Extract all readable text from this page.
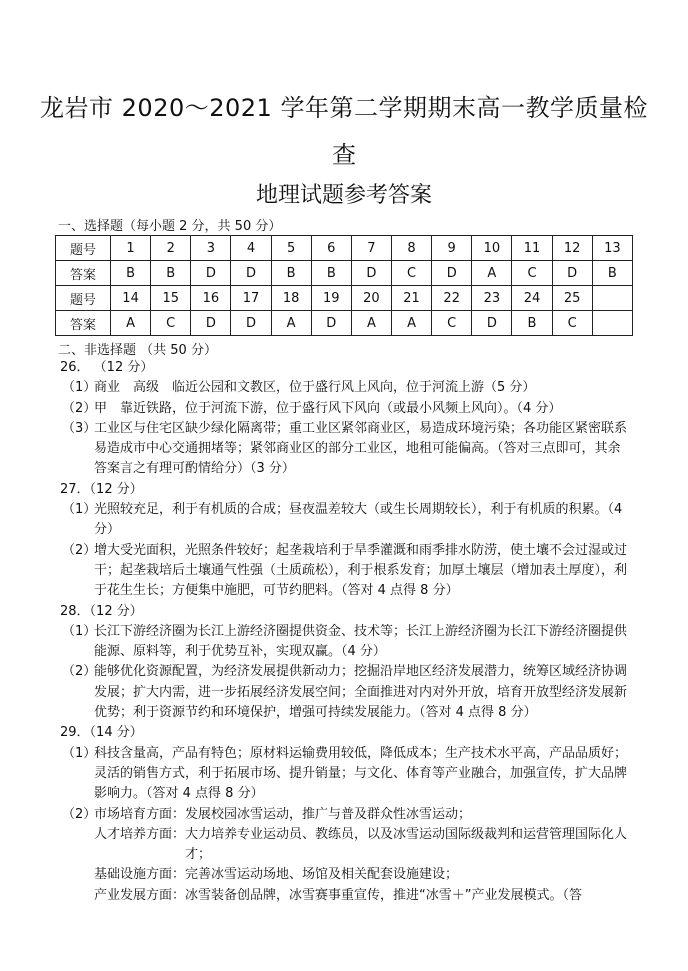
龙岩市 2020～2021 学年第二学期期末高一教学质量检
查
地理试题参考答案
一、选择题（每小题 2 分，共 50 分）
题号	1	2	3	4	5	6	7	8	9	10	11	12	13
答案	B	B	D	D	B	B	D	C	D	A	C	D	B
题号	14	15	16	17	18	19	20	21	22	23	24	25	
答案	A	C	D	D	A	D	A	A	C	D	B	C	
二、非选择题 （共 50 分）
26． （12 分）
（1）
商业　高级　临近公园和文教区，位于盛行风上风向，位于河流上游（5 分）
（2）
甲　靠近铁路，位于河流下游，位于盛行风下风向（或最小风频上风向）。（4 分）
（3）
工业区与住宅区缺少绿化隔离带；重工业区紧邻商业区，易造成环境污染；各功能区紧密联系易造成市中心交通拥堵等；紧邻商业区的部分工业区，地租可能偏高。（答对三点即可，其余答案言之有理可酌情给分）（3 分）
27．（12 分）
（1）
光照较充足，利于有机质的合成；昼夜温差较大（或生长周期较长），利于有机质的积累。（4 分）
（2）
增大受光面积，光照条件较好；起垄栽培利于旱季灌溉和雨季排水防涝，使土壤不会过湿或过干；起垄栽培后土壤通气性强（土质疏松），利于根系发育；加厚土壤层（增加表土厚度），利于花生生长；方便集中施肥，可节约肥料。（答对 4 点得 8 分）
28．（12 分）
（1）
长江下游经济圈为长江上游经济圈提供资金、技术等；长江上游经济圈为长江下游经济圈提供能源、原料等，利于优势互补，实现双赢。（4 分）
（2）
能够优化资源配置，为经济发展提供新动力；挖掘沿岸地区经济发展潜力，统筹区域经济协调发展；扩大内需，进一步拓展经济发展空间；全面推进对内对外开放，培育开放型经济发展新优势；利于资源节约和环境保护，增强可持续发展能力。（答对 4 点得 8 分）
29．（14 分）
（1）
科技含量高，产品有特色；原材料运输费用较低，降低成本；生产技术水平高，产品品质好；灵活的销售方式，利于拓展市场、提升销量；与文化、体育等产业融合，加强宣传，扩大品牌影响力。（答对 4 点得 8 分）
（2）
市场培育方面： 发展校园冰雪运动，推广与普及群众性冰雪运动；
人才培养方面： 大力培养专业运动员、教练员，以及冰雪运动国际级裁判和运营管理国际化人才；
基础设施方面： 完善冰雪运动场地、场馆及相关配套设施建设；
产业发展方面： 冰雪装备创品牌，冰雪赛事重宣传，推进“冰雪＋”产业发展模式。（答
